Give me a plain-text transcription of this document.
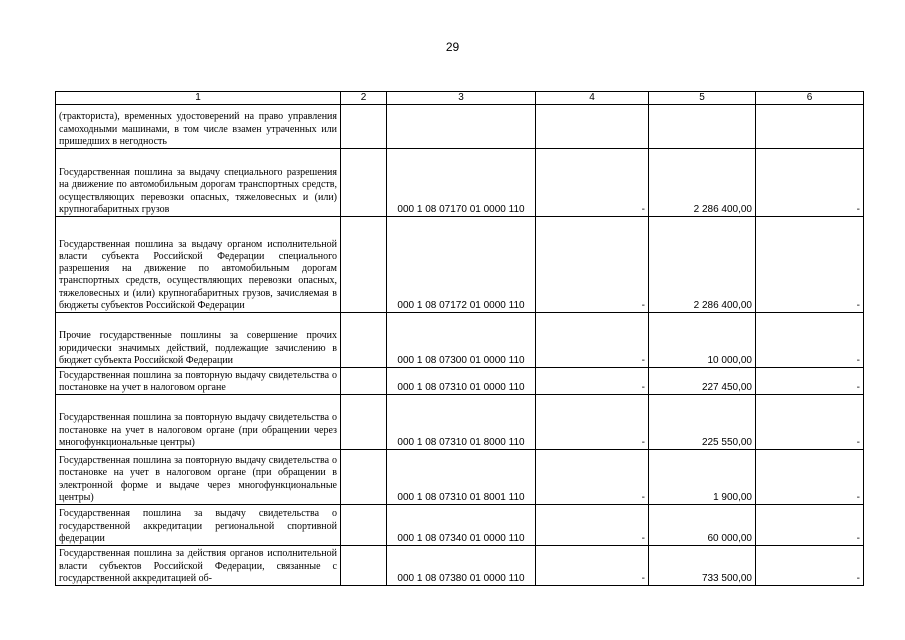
29
1	2	3	4	5	6
(тракториста), временных удостоверений на право управления самоходными машинами, в том числе взамен утраченных или пришедших в негодность					
Государственная пошлина за выдачу специального разрешения на движение по автомобильным дорогам транспортных средств, осуществляющих перевозки опасных, тяжеловесных и (или) крупногабаритных грузов		000 1 08 07170 01 0000 110	-	2 286 400,00	-
Государственная пошлина за выдачу органом исполнительной власти субъекта Российской Федерации специального разрешения на движение по автомобильным дорогам транспортных средств, осуществляющих перевозки опасных, тяжеловесных и (или) крупногабаритных грузов, зачисляемая в бюджеты субъектов Российской Федерации		000 1 08 07172 01 0000 110	-	2 286 400,00	-
Прочие государственные пошлины за совершение прочих юридически значимых действий, подлежащие зачислению в бюджет субъекта Российской Федерации		000 1 08 07300 01 0000 110	-	10 000,00	-
Государственная пошлина за повторную выдачу свидетельства о постановке на учет в налоговом органе		000 1 08 07310 01 0000 110	-	227 450,00	-
Государственная пошлина за повторную выдачу свидетельства о постановке на учет в налоговом органе (при обращении через многофункциональные центры)		000 1 08 07310 01 8000 110	-	225 550,00	-
Государственная пошлина за повторную выдачу свидетельства о постановке на учет в налоговом органе (при обращении в электронной форме и выдаче через многофункциональные центры)		000 1 08 07310 01 8001 110	-	1 900,00	-
Государственная пошлина за выдачу свидетельства о государственной аккредитации региональной спортивной федерации		000 1 08 07340 01 0000 110	-	60 000,00	-
Государственная пошлина за действия органов исполнительной власти субъектов Российской Федерации, связанные с государственной аккредитацией об-		000 1 08 07380 01 0000 110	-	733 500,00	-
